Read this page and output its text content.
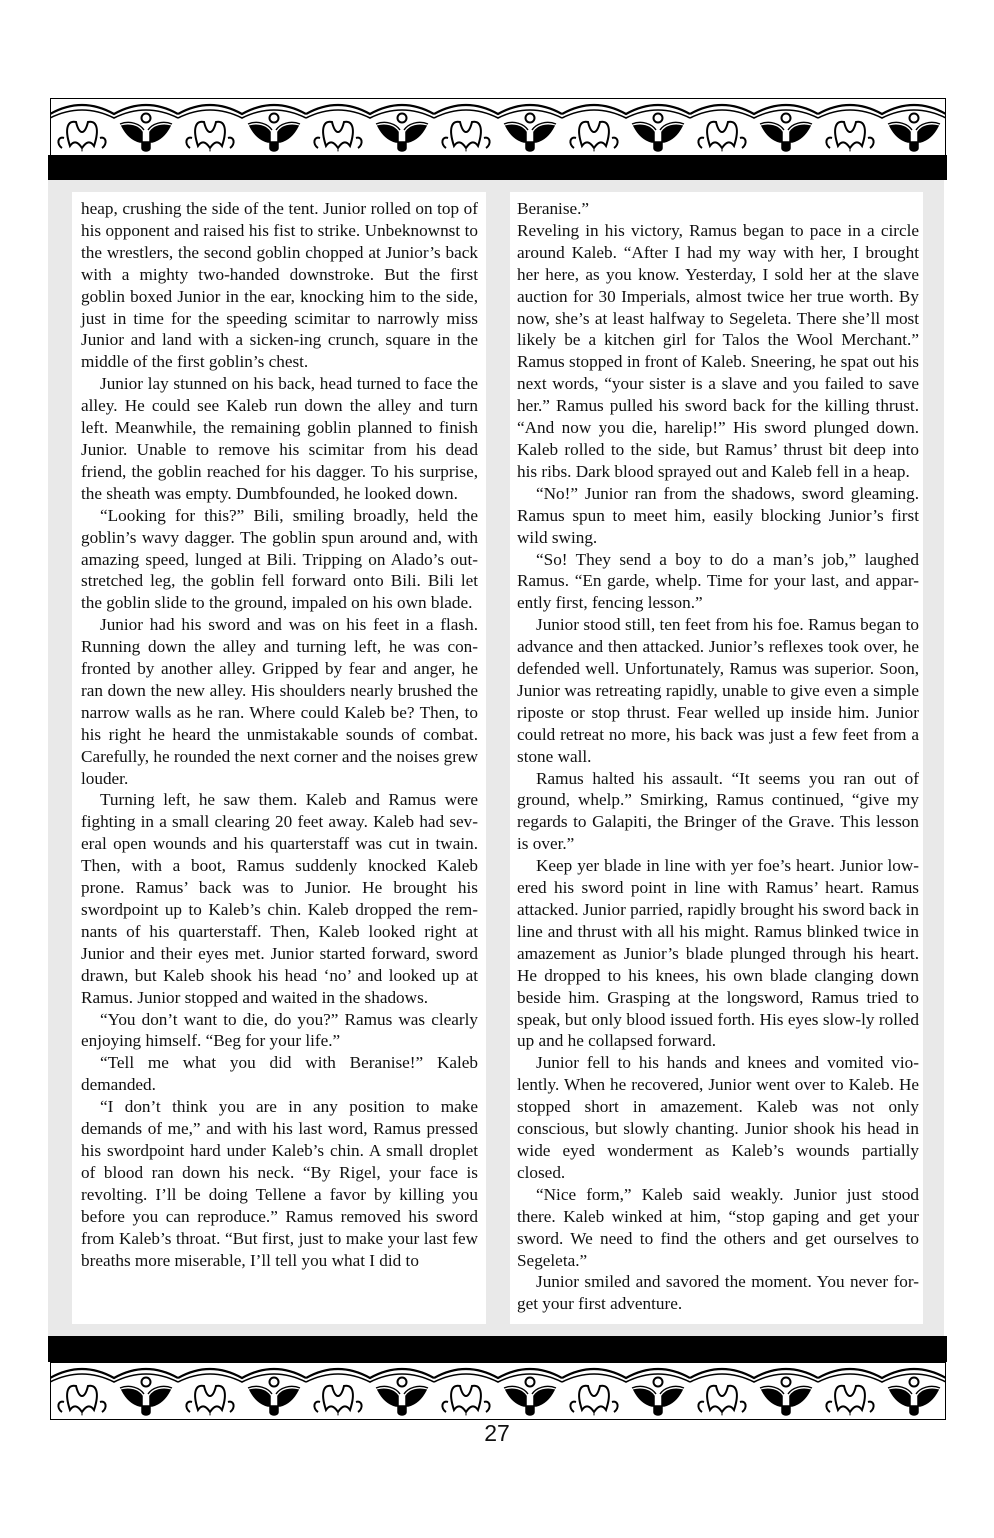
heap, crushing the side of the tent. Junior rolled on top of his opponent and raised his fist to strike. Unbeknownst to the wrestlers, the second goblin chopped at Junior’s back with a mighty two-handed downstroke. But the first goblin boxed Junior in the ear, knocking him to the side, just in time for the speeding scimitar to narrowly miss Junior and land with a sicken-ing crunch, square in the middle of the first goblin’s chest.

Junior lay stunned on his back, head turned to face the alley. He could see Kaleb run down the alley and turn left. Meanwhile, the remaining goblin planned to finish Junior. Unable to remove his scimitar from his dead friend, the goblin reached for his dagger. To his surprise, the sheath was empty. Dumbfounded, he looked down.

“Looking for this?” Bili, smiling broadly, held the goblin’s wavy dagger. The goblin spun around and, with amazing speed, lunged at Bili. Tripping on Alado’s out-stretched leg, the goblin fell forward onto Bili. Bili let the goblin slide to the ground, impaled on his own blade.

Junior had his sword and was on his feet in a flash. Running down the alley and turning left, he was con-fronted by another alley. Gripped by fear and anger, he ran down the new alley. His shoulders nearly brushed the narrow walls as he ran. Where could Kaleb be? Then, to his right he heard the unmistakable sounds of combat. Carefully, he rounded the next corner and the noises grew louder.

Turning left, he saw them. Kaleb and Ramus were fighting in a small clearing 20 feet away. Kaleb had sev-eral open wounds and his quarterstaff was cut in twain. Then, with a boot, Ramus suddenly knocked Kaleb prone. Ramus’ back was to Junior. He brought his swordpoint up to Kaleb’s chin. Kaleb dropped the rem-nants of his quarterstaff. Then, Kaleb looked right at Junior and their eyes met. Junior started forward, sword drawn, but Kaleb shook his head ‘no’ and looked up at Ramus. Junior stopped and waited in the shadows.

“You don’t want to die, do you?” Ramus was clearly enjoying himself. “Beg for your life.”

“Tell me what you did with Beranise!” Kaleb demanded.

“I don’t think you are in any position to make demands of me,” and with his last word, Ramus pressed his swordpoint hard under Kaleb’s chin. A small droplet of blood ran down his neck. “By Rigel, your face is revolting. I’ll be doing Tellene a favor by killing you before you can reproduce.” Ramus removed his sword from Kaleb’s throat. “But first, just to make your last few breaths more miserable, I’ll tell you what I did to

Beranise.”

Reveling in his victory, Ramus began to pace in a circle around Kaleb. “After I had my way with her, I brought her here, as you know. Yesterday, I sold her at the slave auction for 30 Imperials, almost twice her true worth. By now, she’s at least halfway to Segeleta. There she’ll most likely be a kitchen girl for Talos the Wool Merchant.” Ramus stopped in front of Kaleb. Sneering, he spat out his next words, “your sister is a slave and you failed to save her.” Ramus pulled his sword back for the killing thrust. “And now you die, harelip!” His sword plunged down. Kaleb rolled to the side, but Ramus’ thrust bit deep into his ribs. Dark blood sprayed out and Kaleb fell in a heap.

“No!” Junior ran from the shadows, sword gleaming. Ramus spun to meet him, easily blocking Junior’s first wild swing.

“So! They send a boy to do a man’s job,” laughed Ramus. “En garde, whelp. Time for your last, and appar-ently first, fencing lesson.”

Junior stood still, ten feet from his foe. Ramus began to advance and then attacked. Junior’s reflexes took over, he defended well. Unfortunately, Ramus was superior. Soon, Junior was retreating rapidly, unable to give even a simple riposte or stop thrust. Fear welled up inside him. Junior could retreat no more, his back was just a few feet from a stone wall.

Ramus halted his assault. “It seems you ran out of ground, whelp.” Smirking, Ramus continued, “give my regards to Galapiti, the Bringer of the Grave. This lesson is over.”

Keep yer blade in line with yer foe’s heart. Junior low-ered his sword point in line with Ramus’ heart. Ramus attacked. Junior parried, rapidly brought his sword back in line and thrust with all his might. Ramus blinked twice in amazement as Junior’s blade plunged through his heart. He dropped to his knees, his own blade clanging down beside him. Grasping at the longsword, Ramus tried to speak, but only blood issued forth. His eyes slow-ly rolled up and he collapsed forward.

Junior fell to his hands and knees and vomited vio-lently. When he recovered, Junior went over to Kaleb. He stopped short in amazement. Kaleb was not only conscious, but slowly chanting. Junior shook his head in wide eyed wonderment as Kaleb’s wounds partially closed.

“Nice form,” Kaleb said weakly. Junior just stood there. Kaleb winked at him, “stop gaping and get your sword. We need to find the others and get ourselves to Segeleta.”

Junior smiled and savored the moment. You never for-get your first adventure.

27
